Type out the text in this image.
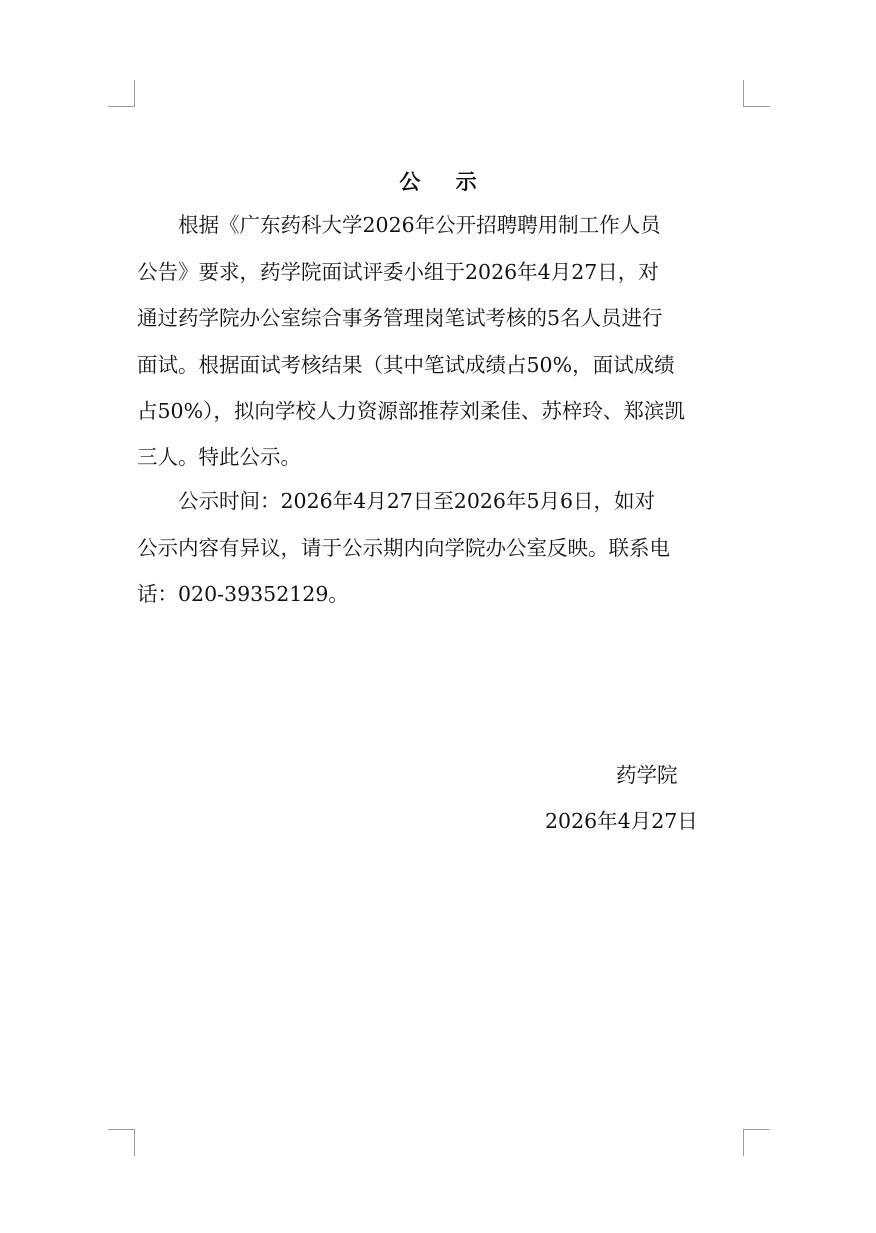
公 示
　　根据《广东药科大学2026年公开招聘聘用制工作人员
公告》要求，药学院面试评委小组于2026年4月27日，对
通过药学院办公室综合事务管理岗笔试考核的5名人员进行
面试。根据面试考核结果（其中笔试成绩占50%，面试成绩
占50%），拟向学校人力资源部推荐刘柔佳、苏梓玲、郑滨凯
三人。特此公示。
　　公示时间：2026年4月27日至2026年5月6日，如对
公示内容有异议，请于公示期内向学院办公室反映。联系电
话：020-39352129。
药学院
2026年4月27日
